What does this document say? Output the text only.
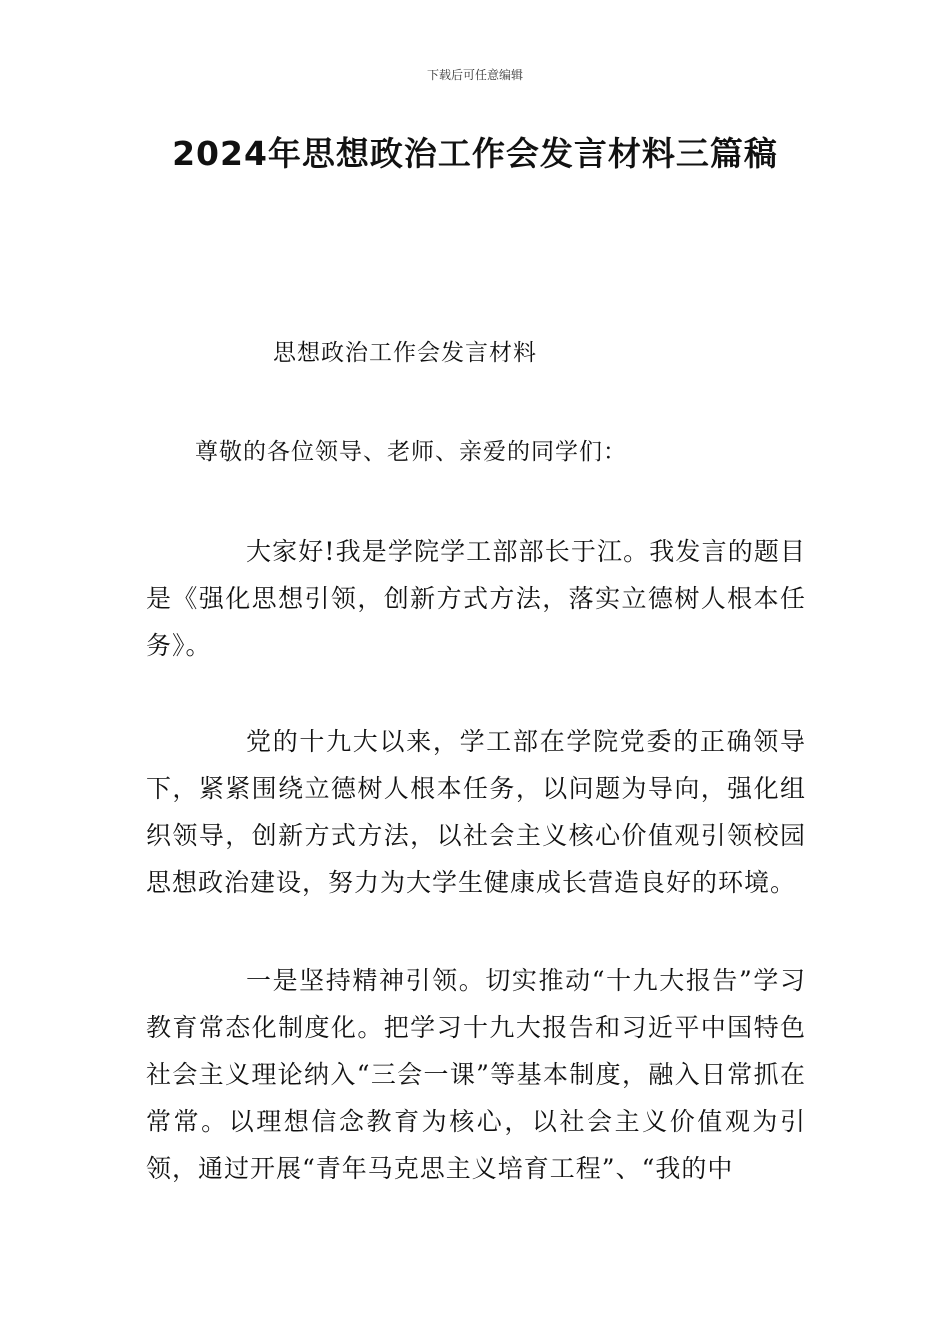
下载后可任意编辑
2024年思想政治工作会发言材料三篇稿
思想政治工作会发言材料
尊敬的各位领导、老师、亲爱的同学们：

大家好!我是学院学工部部长于江。我发言的题目是《强化思想引领，创新方式方法，落实立德树人根本任务》。

党的十九大以来，学工部在学院党委的正确领导下，紧紧围绕立德树人根本任务，以问题为导向，强化组织领导，创新方式方法，以社会主义核心价值观引领校园思想政治建设，努力为大学生健康成长营造良好的环境。

一是坚持精神引领。切实推动“十九大报告”学习教育常态化制度化。把学习十九大报告和习近平中国特色社会主义理论纳入“三会一课”等基本制度，融入日常抓在常常。以理想信念教育为核心，以社会主义价值观为引领，通过开展“青年马克思主义培育工程”、“我的中
